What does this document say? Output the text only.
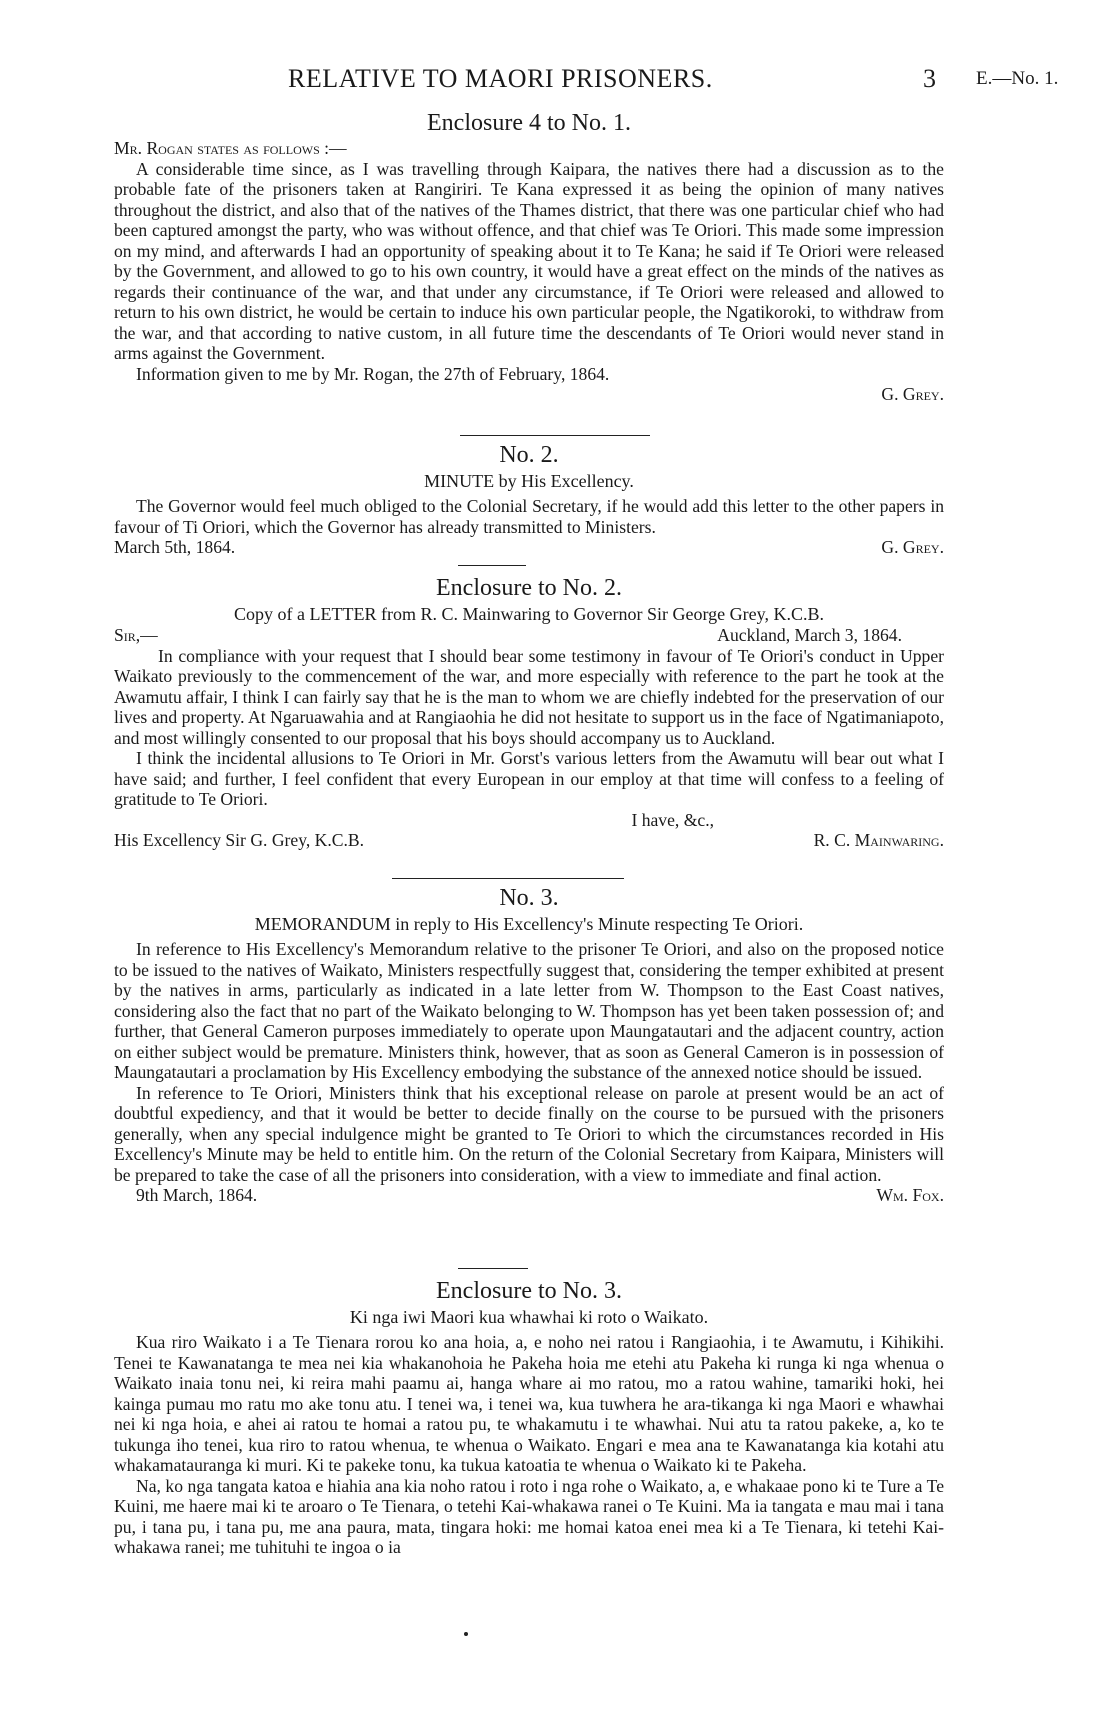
RELATIVE TO MAORI PRISONERS.	3 E.—No. 1.
Enclosure 4 to No. 1.

Mr. Rogan states as follows :—

A considerable time since, as I was travelling through Kaipara, the natives there had a discussion as to the probable fate of the prisoners taken at Rangiriri. Te Kana expressed it as being the opinion of many natives throughout the district, and also that of the natives of the Thames district, that there was one particular chief who had been captured amongst the party, who was without offence, and that chief was Te Oriori. This made some impression on my mind, and afterwards I had an opportunity of speaking about it to Te Kana; he said if Te Oriori were released by the Government, and allowed to go to his own country, it would have a great effect on the minds of the natives as regards their continuance of the war, and that under any circumstance, if Te Oriori were released and allowed to return to his own district, he would be certain to induce his own particular people, the Ngatikoroki, to withdraw from the war, and that according to native custom, in all future time the descendants of Te Oriori would never stand in arms against the Government.

Information given to me by Mr. Rogan, the 27th of February, 1864.

G. Grey.
No. 2.
MINUTE by His Excellency.

The Governor would feel much obliged to the Colonial Secretary, if he would add this letter to the other papers in favour of Ti Oriori, which the Governor has already transmitted to Ministers.

March 5th, 1864.	G. Grey.
Enclosure to No. 2.
Copy of a LETTER from R. C. Mainwaring to Governor Sir George Grey, K.C.B.
Sir,—	Auckland, March 3, 1864.

In compliance with your request that I should bear some testimony in favour of Te Oriori's conduct in Upper Waikato previously to the commencement of the war, and more especially with reference to the part he took at the Awamutu affair, I think I can fairly say that he is the man to whom we are chiefly indebted for the preservation of our lives and property. At Ngaruawahia and at Rangiaohia he did not hesitate to support us in the face of Ngatimaniapoto, and most willingly consented to our proposal that his boys should accompany us to Auckland.

I think the incidental allusions to Te Oriori in Mr. Gorst's various letters from the Awamutu will bear out what I have said; and further, I feel confident that every European in our employ at that time will confess to a feeling of gratitude to Te Oriori.

I have, &c.,
His Excellency Sir G. Grey, K.C.B.	R. C. Mainwaring.
No. 3.
MEMORANDUM in reply to His Excellency's Minute respecting Te Oriori.

In reference to His Excellency's Memorandum relative to the prisoner Te Oriori, and also on the proposed notice to be issued to the natives of Waikato, Ministers respectfully suggest that, considering the temper exhibited at present by the natives in arms, particularly as indicated in a late letter from W. Thompson to the East Coast natives, considering also the fact that no part of the Waikato belonging to W. Thompson has yet been taken possession of; and further, that General Cameron purposes immediately to operate upon Maungatautari and the adjacent country, action on either subject would be premature. Ministers think, however, that as soon as General Cameron is in possession of Maungatautari a proclamation by His Excellency embodying the substance of the annexed notice should be issued.

In reference to Te Oriori, Ministers think that his exceptional release on parole at present would be an act of doubtful expediency, and that it would be better to decide finally on the course to be pursued with the prisoners generally, when any special indulgence might be granted to Te Oriori to which the circumstances recorded in His Excellency's Minute may be held to entitle him. On the return of the Colonial Secretary from Kaipara, Ministers will be prepared to take the case of all the prisoners into consideration, with a view to immediate and final action.

9th March, 1864.	Wm. Fox.
Enclosure to No. 3.
Ki nga iwi Maori kua whawhai ki roto o Waikato.

Kua riro Waikato i a Te Tienara rorou ko ana hoia, a, e noho nei ratou i Rangiaohia, i te Awamutu, i Kihikihi. Tenei te Kawanatanga te mea nei kia whakanohoia he Pakeha hoia me etehi atu Pakeha ki runga ki nga whenua o Waikato inaia tonu nei, ki reira mahi paamu ai, hanga whare ai mo ratou, mo a ratou wahine, tamariki hoki, hei kainga pumau mo ratu mo ake tonu atu. I tenei wa, i tenei wa, kua tuwhera he ara-tikanga ki nga Maori e whawhai nei ki nga hoia, e ahei ai ratou te homai a ratou pu, te whakamutu i te whawhai. Nui atu ta ratou pakeke, a, ko te tukunga iho tenei, kua riro to ratou whenua, te whenua o Waikato. Engari e mea ana te Kawanatanga kia kotahi atu whakamatauranga ki muri. Ki te pakeke tonu, ka tukua katoatia te whenua o Waikato ki te Pakeha.

Na, ko nga tangata katoa e hiahia ana kia noho ratou i roto i nga rohe o Waikato, a, e whakaae pono ki te Ture a Te Kuini, me haere mai ki te aroaro o Te Tienara, o tetehi Kai-whakawa ranei o Te Kuini. Ma ia tangata e mau mai i tana pu, i tana pu, i tana pu, me ana paura, mata, tingara hoki: me homai katoa enei mea ki a Te Tienara, ki tetehi Kai-whakawa ranei; me tuhituhi te ingoa o ia
